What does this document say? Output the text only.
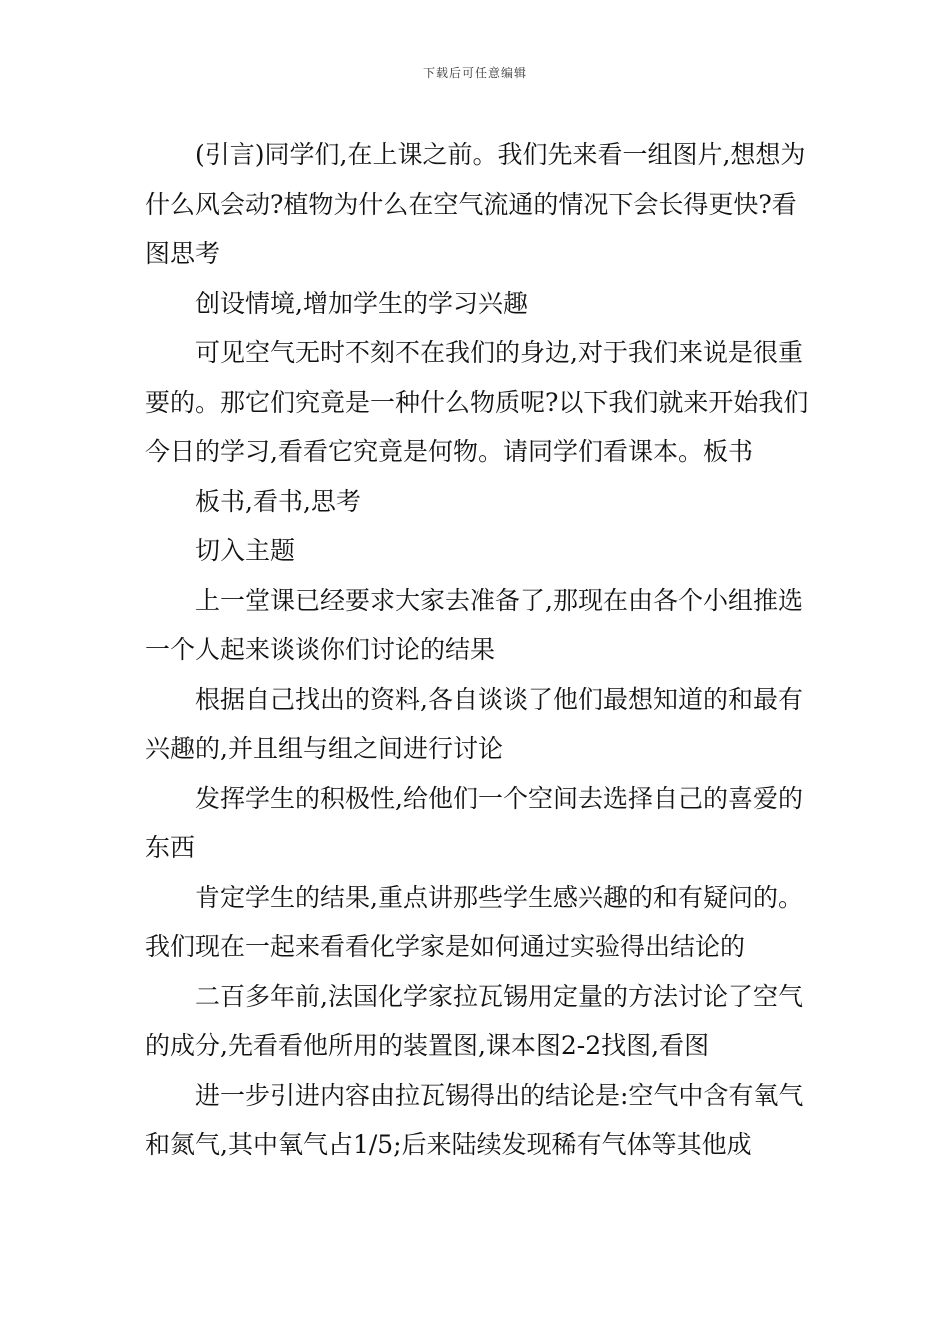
下载后可任意编辑

(引言)同学们,在上课之前。我们先来看一组图片,想想为什么风会动?植物为什么在空气流通的情况下会长得更快?看图思考

创设情境,增加学生的学习兴趣

可见空气无时不刻不在我们的身边,对于我们来说是很重要的。那它们究竟是一种什么物质呢?以下我们就来开始我们今日的学习,看看它究竟是何物。请同学们看课本。板书

板书,看书,思考

切入主题

上一堂课已经要求大家去准备了,那现在由各个小组推选一个人起来谈谈你们讨论的结果

根据自己找出的资料,各自谈谈了他们最想知道的和最有兴趣的,并且组与组之间进行讨论

发挥学生的积极性,给他们一个空间去选择自己的喜爱的东西

肯定学生的结果,重点讲那些学生感兴趣的和有疑问的。我们现在一起来看看化学家是如何通过实验得出结论的

二百多年前,法国化学家拉瓦锡用定量的方法讨论了空气的成分,先看看他所用的装置图,课本图2-2找图,看图

进一步引进内容由拉瓦锡得出的结论是:空气中含有氧气和氮气,其中氧气占1/5;后来陆续发现稀有气体等其他成
